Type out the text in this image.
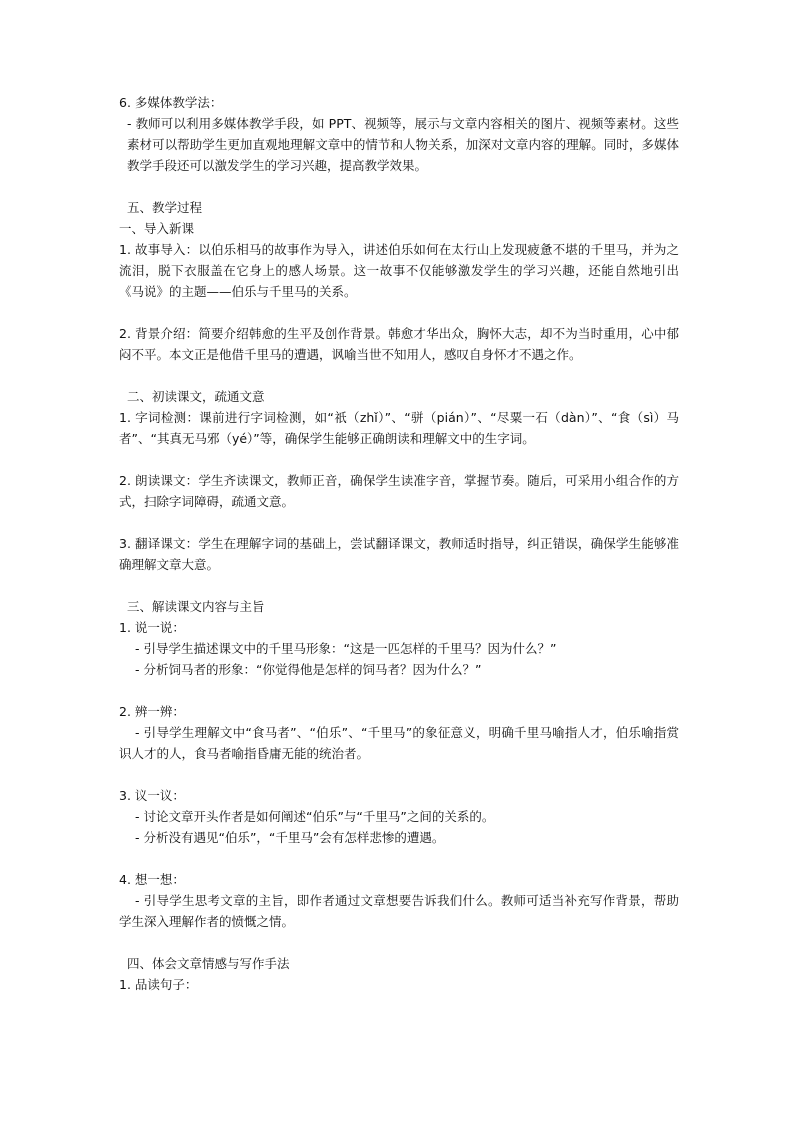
6. 多媒体教学法：
- 教师可以利用多媒体教学手段，如 PPT、视频等，展示与文章内容相关的图片、视频等素材。这些素材可以帮助学生更加直观地理解文章中的情节和人物关系，加深对文章内容的理解。同时，多媒体教学手段还可以激发学生的学习兴趣，提高教学效果。
五、教学过程
一、导入新课
1. 故事导入：以伯乐相马的故事作为导入，讲述伯乐如何在太行山上发现疲惫不堪的千里马，并为之流泪，脱下衣服盖在它身上的感人场景。这一故事不仅能够激发学生的学习兴趣，还能自然地引出《马说》的主题——伯乐与千里马的关系。
2. 背景介绍：简要介绍韩愈的生平及创作背景。韩愈才华出众，胸怀大志，却不为当时重用，心中郁闷不平。本文正是他借千里马的遭遇，讽喻当世不知用人，感叹自身怀才不遇之作。
二、初读课文，疏通文意
1. 字词检测：课前进行字词检测，如“祇（zhǐ）”、“骈（pián）”、“尽粟一石（dàn）”、“食（sì）马者”、“其真无马邪（yé）”等，确保学生能够正确朗读和理解文中的生字词。
2. 朗读课文：学生齐读课文，教师正音，确保学生读准字音，掌握节奏。随后，可采用小组合作的方式，扫除字词障碍，疏通文意。
3. 翻译课文：学生在理解字词的基础上，尝试翻译课文，教师适时指导，纠正错误，确保学生能够准确理解文章大意。
三、解读课文内容与主旨
1. 说一说：
- 引导学生描述课文中的千里马形象：“这是一匹怎样的千里马？因为什么？”
- 分析饲马者的形象：“你觉得他是怎样的饲马者？因为什么？”
2. 辨一辨：
- 引导学生理解文中“食马者”、“伯乐”、“千里马”的象征意义，明确千里马喻指人才，伯乐喻指赏识人才的人，食马者喻指昏庸无能的统治者。
3. 议一议：
- 讨论文章开头作者是如何阐述“伯乐”与“千里马”之间的关系的。
- 分析没有遇见“伯乐”，“千里马”会有怎样悲惨的遭遇。
4. 想一想：
- 引导学生思考文章的主旨，即作者通过文章想要告诉我们什么。教师可适当补充写作背景，帮助学生深入理解作者的愤慨之情。
四、体会文章情感与写作手法
1. 品读句子：
